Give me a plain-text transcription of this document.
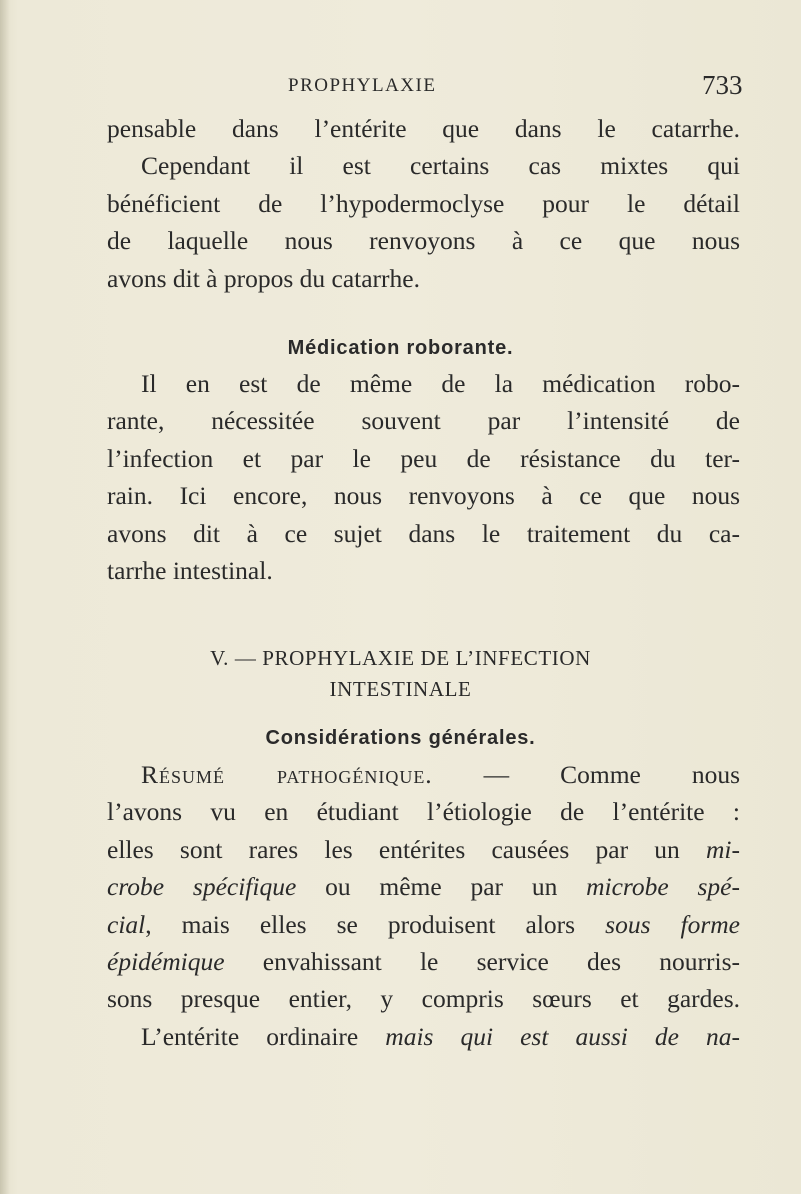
PROPHYLAXIE	733
pensable dans l’entérite que dans le catarrhe.
Cependant il est certains cas mixtes qui
bénéficient de l’hypodermoclyse pour le détail
de laquelle nous renvoyons à ce que nous
avons dit à propos du catarrhe.
Médication roborante.
Il en est de même de la médication robo-
rante, nécessitée souvent par l’intensité de
l’infection et par le peu de résistance du ter-
rain. Ici encore, nous renvoyons à ce que nous
avons dit à ce sujet dans le traitement du ca-
tarrhe intestinal.
V. — PROPHYLAXIE DE L’INFECTION
INTESTINALE
Considérations générales.
Résumé pathogénique. — Comme nous
l’avons vu en étudiant l’étiologie de l’entérite :
elles sont rares les entérites causées par un mi-
crobe spécifique ou même par un microbe spé-
cial, mais elles se produisent alors sous forme
épidémique envahissant le service des nourris-
sons presque entier, y compris sœurs et gardes.
L’entérite ordinaire mais qui est aussi de na-
